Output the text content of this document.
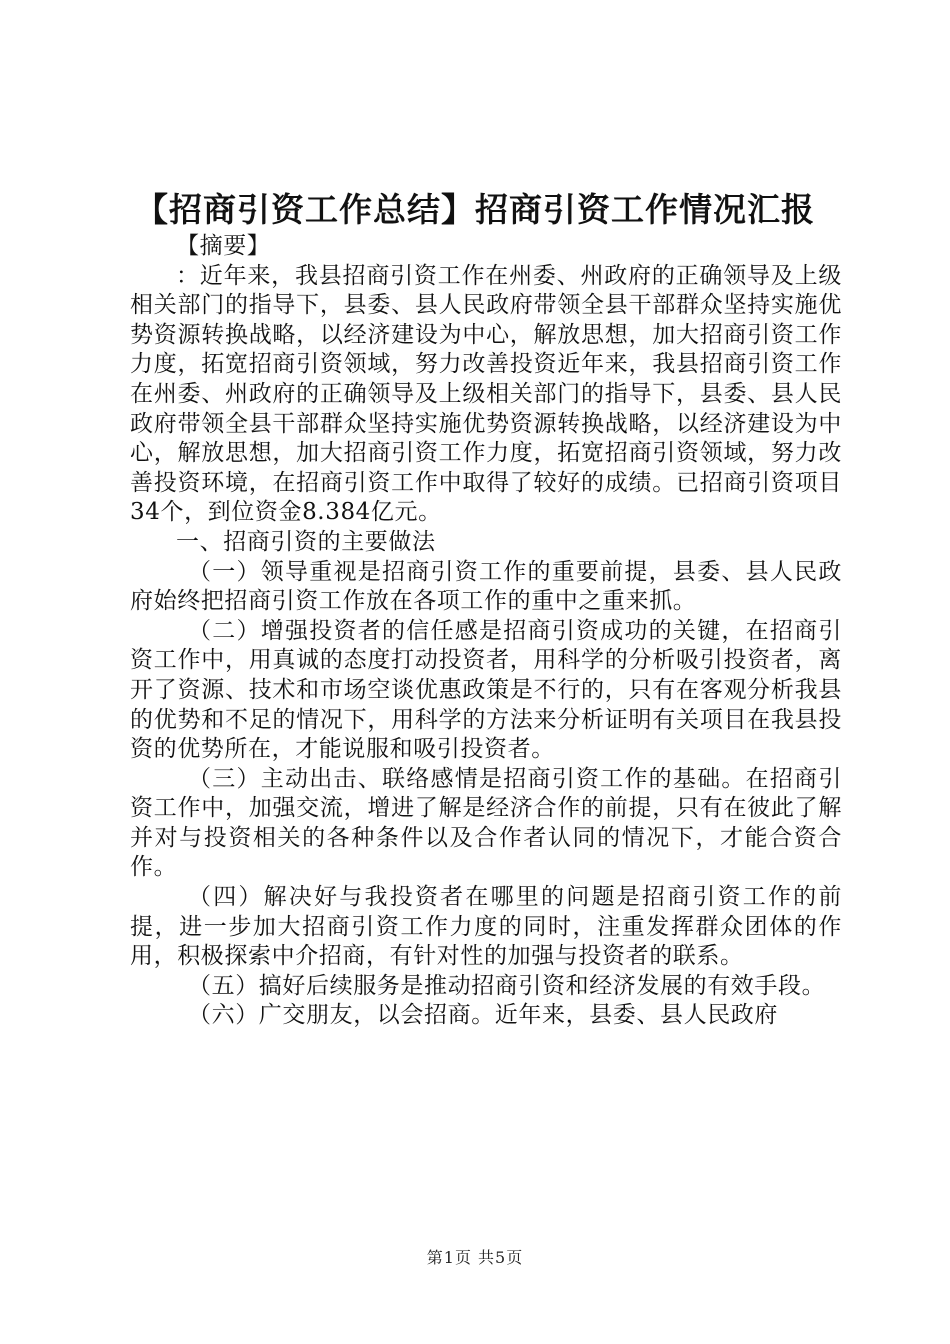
【招商引资工作总结】招商引资工作情况汇报

【摘要】

：近年来，我县招商引资工作在州委、州政府的正确领导及上级相关部门的指导下，县委、县人民政府带领全县干部群众坚持实施优势资源转换战略，以经济建设为中心，解放思想，加大招商引资工作力度，拓宽招商引资领域，努力改善投资近年来，我县招商引资工作在州委、州政府的正确领导及上级相关部门的指导下，县委、县人民政府带领全县干部群众坚持实施优势资源转换战略，以经济建设为中心，解放思想，加大招商引资工作力度，拓宽招商引资领域，努力改善投资环境，在招商引资工作中取得了较好的成绩。已招商引资项目34个，到位资金8.384亿元。

一、招商引资的主要做法

（一）领导重视是招商引资工作的重要前提，县委、县人民政府始终把招商引资工作放在各项工作的重中之重来抓。

（二）增强投资者的信任感是招商引资成功的关键，在招商引资工作中，用真诚的态度打动投资者，用科学的分析吸引投资者，离开了资源、技术和市场空谈优惠政策是不行的，只有在客观分析我县的优势和不足的情况下，用科学的方法来分析证明有关项目在我县投资的优势所在，才能说服和吸引投资者。

（三）主动出击、联络感情是招商引资工作的基础。在招商引资工作中，加强交流，增进了解是经济合作的前提，只有在彼此了解并对与投资相关的各种条件以及合作者认同的情况下，才能合资合作。

（四）解决好与我投资者在哪里的问题是招商引资工作的前提，进一步加大招商引资工作力度的同时，注重发挥群众团体的作用，积极探索中介招商，有针对性的加强与投资者的联系。

（五）搞好后续服务是推动招商引资和经济发展的有效手段。

（六）广交朋友，以会招商。近年来，县委、县人民政府

第1页 共5页
